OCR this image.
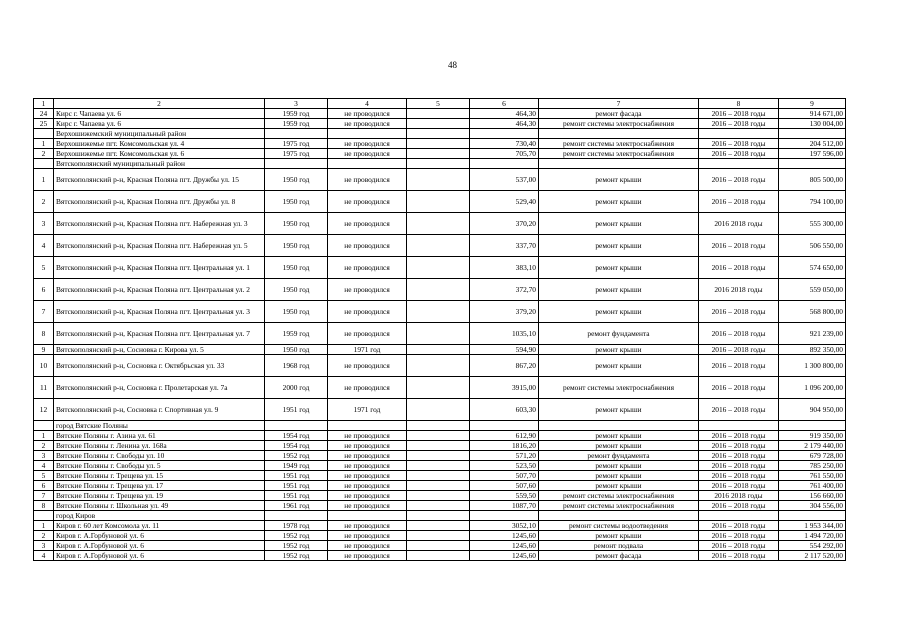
48
1	2	3	4	5	6	7	8	9
24	Кирс г. Чапаева ул. 6	1959 год	не проводился		464,30	ремонт фасада	2016 – 2018 годы	914 671,00
25	Кирс г. Чапаева ул. 6	1959 год	не проводился		464,30	ремонт системы электроснабжения	2016 – 2018 годы	130 004,00
	Верхошижемский муниципальный район							
1	Верхошижемье пгт. Комсомольская ул. 4	1975 год	не проводился		730,40	ремонт системы электроснабжения	2016 – 2018 годы	204 512,00
2	Верхошижемье пгт. Комсомольская ул. 6	1975 год	не проводился		705,70	ремонт системы электроснабжения	2016 – 2018 годы	197 596,00
	Вятскополянский муниципальный район							
1	Вятскополянский р-н, Красная Поляна пгт. Дружбы ул. 15	1950 год	не проводился		537,00	ремонт крыши	2016 – 2018 годы	805 500,00
2	Вятскополянский р-н, Красная Поляна пгт. Дружбы ул. 8	1950 год	не проводился		529,40	ремонт крыши	2016 – 2018 годы	794 100,00
3	Вятскополянский р-н, Красная Поляна пгт. Набережная ул. 3	1950 год	не проводился		370,20	ремонт крыши	2016 2018 годы	555 300,00
4	Вятскополянский р-н, Красная Поляна пгт. Набережная ул. 5	1950 год	не проводился		337,70	ремонт крыши	2016 – 2018 годы	506 550,00
5	Вятскополянский р-н, Красная Поляна пгт. Центральная ул. 1	1950 год	не проводился		383,10	ремонт крыши	2016 – 2018 годы	574 650,00
6	Вятскополянский р-н, Красная Поляна пгт. Центральная ул. 2	1950 год	не проводился		372,70	ремонт крыши	2016 2018 годы	559 050,00
7	Вятскополянский р-н, Красная Поляна пгт. Центральная ул. 3	1950 год	не проводился		379,20	ремонт крыши	2016 – 2018 годы	568 800,00
8	Вятскополянский р-н, Красная Поляна пгт. Центральная ул. 7	1959 год	не проводился		1035,10	ремонт фундамента	2016 – 2018 годы	921 239,00
9	Вятскополянский р-н, Сосновка г. Кирова ул. 5	1950 год	1971 год		594,90	ремонт крыши	2016 – 2018 годы	892 350,00
10	Вятскополянский р-н, Сосновка г. Октябрьская ул. 33	1968 год	не проводился		867,20	ремонт крыши	2016 – 2018 годы	1 300 800,00
11	Вятскополянский р-н, Сосновка г. Пролетарская ул. 7а	2000 год	не проводился		3915,00	ремонт системы электроснабжения	2016 – 2018 годы	1 096 200,00
12	Вятскополянский р-н, Сосновка г. Спортивная ул. 9	1951 год	1971 год		603,30	ремонт крыши	2016 – 2018 годы	904 950,00
	город Вятские Поляны							
1	Вятские Поляны г. Азина ул. 61	1954 год	не проводился		612,90	ремонт крыши	2016 – 2018 годы	919 350,00
2	Вятские Поляны г. Ленина ул. 168а	1954 год	не проводился		1816,20	ремонт крыши	2016 – 2018 годы	2 179 440,00
3	Вятские Поляны г. Свободы ул. 10	1952 год	не проводился		571,20	ремонт фундамента	2016 – 2018 годы	679 728,00
4	Вятские Поляны г. Свободы ул. 5	1949 год	не проводился		523,50	ремонт крыши	2016 – 2018 годы	785 250,00
5	Вятские Поляны г. Трещева ул. 15	1951 год	не проводился		507,70	ремонт крыши	2016 – 2018 годы	761 550,00
6	Вятские Поляны г. Трещева ул. 17	1951 год	не проводился		507,60	ремонт крыши	2016 – 2018 годы	761 400,00
7	Вятские Поляны г. Трещева ул. 19	1951 год	не проводился		559,50	ремонт системы электроснабжения	2016 2018 годы	156 660,00
8	Вятские Поляны г. Школьная ул. 49	1961 год	не проводился		1087,70	ремонт системы электроснабжения	2016 – 2018 годы	304 556,00
	город Киров							
1	Киров г. 60 лет Комсомола ул. 11	1978 год	не проводился		3052,10	ремонт системы водоотведения	2016 – 2018 годы	1 953 344,00
2	Киров г. А.Горбуновой ул. 6	1952 год	не проводился		1245,60	ремонт крыши	2016 – 2018 годы	1 494 720,00
3	Киров г. А.Горбуновой ул. 6	1952 год	не проводился		1245,60	ремонт подвала	2016 – 2018 годы	554 292,00
4	Киров г. А.Горбуновой ул. 6	1952 год	не проводился		1245,60	ремонт фасада	2016 – 2018 годы	2 117 520,00
